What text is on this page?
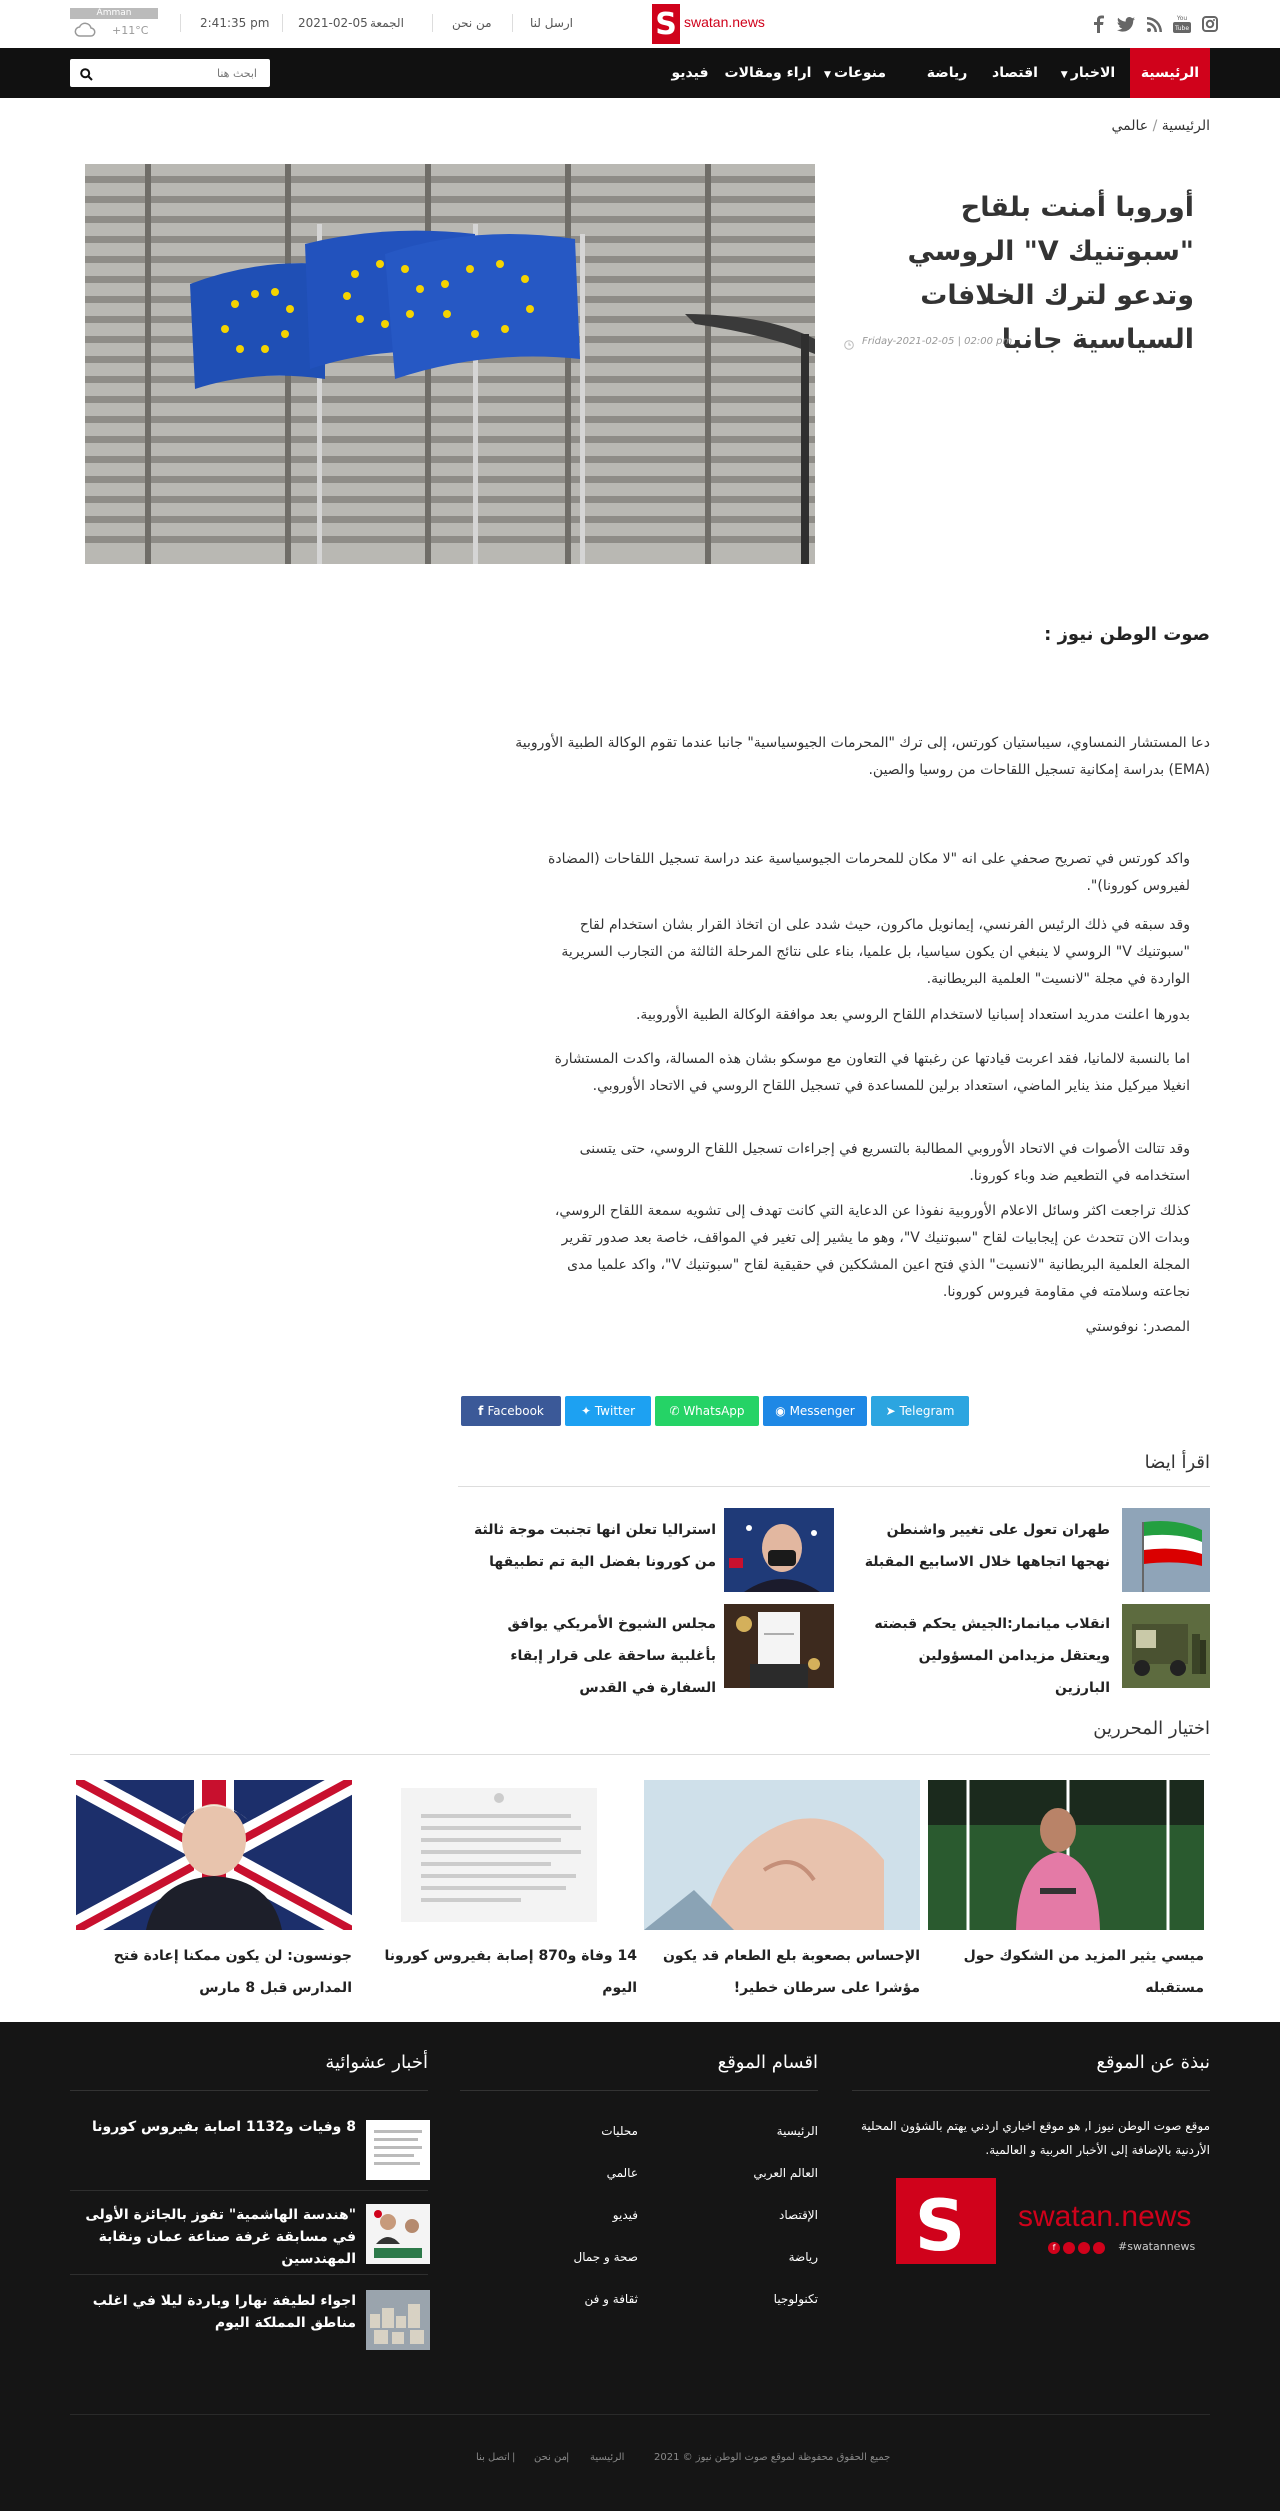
You
Tube
S swatan.news
ارسل لنا
من نحن
الجمعة
2021-02-05
2:41:35 pm
Amman
+11°C
الرئيسية
▼ الاخبار
اقتصاد
رياضة
▼ منوعات
اراء ومقالات
فيديو
ابحث هنا
الرئيسية / عالمي
أوروبا أمنت بلقاح "سبوتنيك V" الروسي وتدعو لترك الخلافات السياسية جانبا
Friday-2021-02-05 | 02:00 pm
صوت الوطن نيوز :
دعا المستشار النمساوي، سيباستيان كورتس، إلى ترك "المحرمات الجيوسياسية" جانبا عندما تقوم الوكالة الطبية الأوروبية (EMA) بدراسة إمكانية تسجيل اللقاحات من روسيا والصين.
واكد كورتس في تصريح صحفي على انه "لا مكان للمحرمات الجيوسياسية عند دراسة تسجيل اللقاحات (المضادة لفيروس كورونا)".
وقد سبقه في ذلك الرئيس الفرنسي، إيمانويل ماكرون، حيث شدد على ان اتخاذ القرار بشان استخدام لقاح "سبوتنيك V" الروسي لا ينبغي ان يكون سياسيا، بل علميا، بناء على نتائج المرحلة الثالثة من التجارب السريرية الواردة في مجلة "لانسيت" العلمية البريطانية.
بدورها اعلنت مدريد استعداد إسبانيا لاستخدام اللقاح الروسي بعد موافقة الوكالة الطبية الأوروبية.
اما بالنسبة لالمانيا، فقد اعربت قيادتها عن رغبتها في التعاون مع موسكو بشان هذه المسالة، واكدت المستشارة انغيلا ميركيل منذ يناير الماضي، استعداد برلين للمساعدة في تسجيل اللقاح الروسي في الاتحاد الأوروبي.
وقد تتالت الأصوات في الاتحاد الأوروبي المطالبة بالتسريع في إجراءات تسجيل اللقاح الروسي، حتى يتسنى استخدامه في التطعيم ضد وباء كورونا.
كذلك تراجعت اكثر وسائل الاعلام الأوروبية نفوذا عن الدعاية التي كانت تهدف إلى تشويه سمعة اللقاح الروسي، وبدات الان تتحدث عن إيجابيات لقاح "سبوتنيك V"، وهو ما يشير إلى تغير في المواقف، خاصة بعد صدور تقرير المجلة العلمية البريطانية "لانسيت" الذي فتح اعين المشككين في حقيقية لقاح "سبوتنيك V"، واكد علميا مدى نجاعته وسلامته في مقاومة فيروس كورونا.
المصدر: نوفوستي
f Facebook	✦ Twitter	✆ WhatsApp	◉ Messenger	➤ Telegram
اقرأ ايضا
طهران تعول على تغيير واشنطن نهجها اتجاهها خلال الاسابيع المقبلة
استراليا تعلن انها تجنبت موجة ثالثة من كورونا بفضل الية تم تطبيقها
انقلاب ميانمار:الجيش يحكم قبضته ويعتقل مزيدامن المسؤولين البارزين
مجلس الشيوخ الأمريكي يوافق بأغلبية ساحقة على قرار إبقاء السفارة في القدس
اختيار المحررين
ميسي يثير المزيد من الشكوك حول مستقبله
الإحساس بصعوبة بلع الطعام قد يكون مؤشرا على سرطان خطير!
14 وفاة و870 إصابة بفيروس كورونا اليوم
جونسون: لن يكون ممكنا إعادة فتح المدارس قبل 8 مارس
نبذة عن الموقع
موقع صوت الوطن نيوز ا, هو موقع اخباري اردني يهتم بالشؤون المحلية الأردنية بالإضافة إلى الأخبار العربية و العالمية.
S swatan.news
f	#swatannews
اقسام الموقع
الرئيسية
محليات
العالم العربي
عالمي
الإقتصاد
فيديو
رياضة
صحة و جمال
تكنولوجيا
ثقافة و فن
أخبار عشوائية
8 وفيات و1132 اصابة بفيروس كورونا
"هندسة الهاشمية" تفوز بالجائزة الأولى في مسابقة غرفة صناعة عمان ونقابة المهندسين
اجواء لطيفة نهارا وباردة ليلا في اغلب مناطق المملكة اليوم
جميع الحقوق محفوظة لموقع صوت الوطن نيوز © 2021
الرئيسية
|
من نحن
|
اتصل بنا
